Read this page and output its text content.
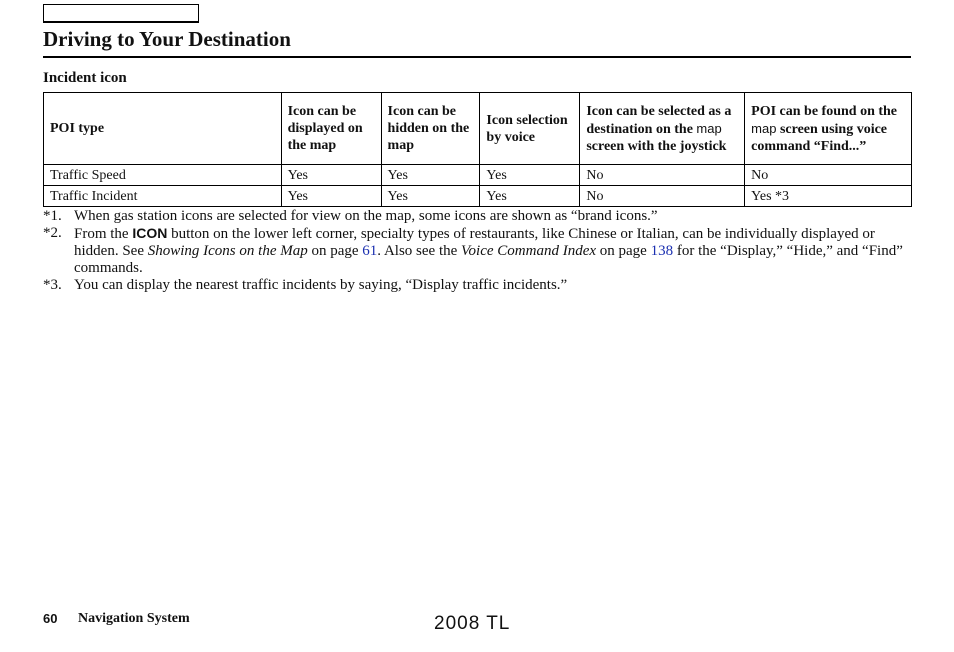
Driving to Your Destination
Incident icon
POI type	Icon can be displayed on the map	Icon can be hidden on the map	Icon selection by voice	Icon can be selected as a destination on the map screen with the joystick	POI can be found on the map screen using voice command “Find...”
Traffic Speed	Yes	Yes	Yes	No	No
Traffic Incident	Yes	Yes	Yes	No	Yes *3
*1. When gas station icons are selected for view on the map, some icons are shown as “brand icons.”
*2. From the ICON button on the lower left corner, specialty types of restaurants, like Chinese or Italian, can be individually displayed or hidden. See Showing Icons on the Map on page 61. Also see the Voice Command Index on page 138 for the “Display,” “Hide,” and “Find” commands.
*3. You can display the nearest traffic incidents by saying, “Display traffic incidents.”
60 Navigation System	2008 TL
